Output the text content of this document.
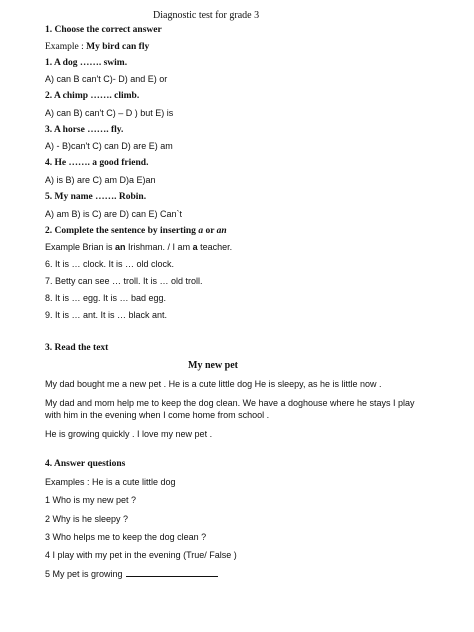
Diagnostic test for grade 3
1. Choose the correct answer
Example : My bird can fly
1. A dog ……. swim.
A) can B can't C)- D) and E) or
2. A chimp ……. climb.
A) can B) can't C) – D ) but E) is
3. A horse ……. fly.
A) - B)can't C) can D) are E) am
4. He ……. a good friend.
A) is B) are C) am D)a E)an
5. My name ……. Robin.
A) am B) is C) are D) can E) Can`t
2. Complete the sentence by inserting a or an
Example Brian is an Irishman. / I am a teacher.
6. It is … clock. It is … old clock.
7. Betty can see … troll. It is … old troll.
8. It is … egg. It is … bad egg.
9. It is … ant. It is … black ant.
3. Read the text
My new pet
My dad bought me a new pet . He is a cute little dog He is sleepy, as he is little now .
My dad and mom help me to keep the dog clean. We have a doghouse where he stays I play with him in the evening when I come home from school .
He is growing quickly . I love my new pet .
4. Answer questions
Examples : He is a cute little dog
1 Who is my new pet ?
2 Why is he sleepy ?
3 Who helps me to keep the dog clean ?
4 I play with my pet in the evening (True/ False )
5 My pet is growing
